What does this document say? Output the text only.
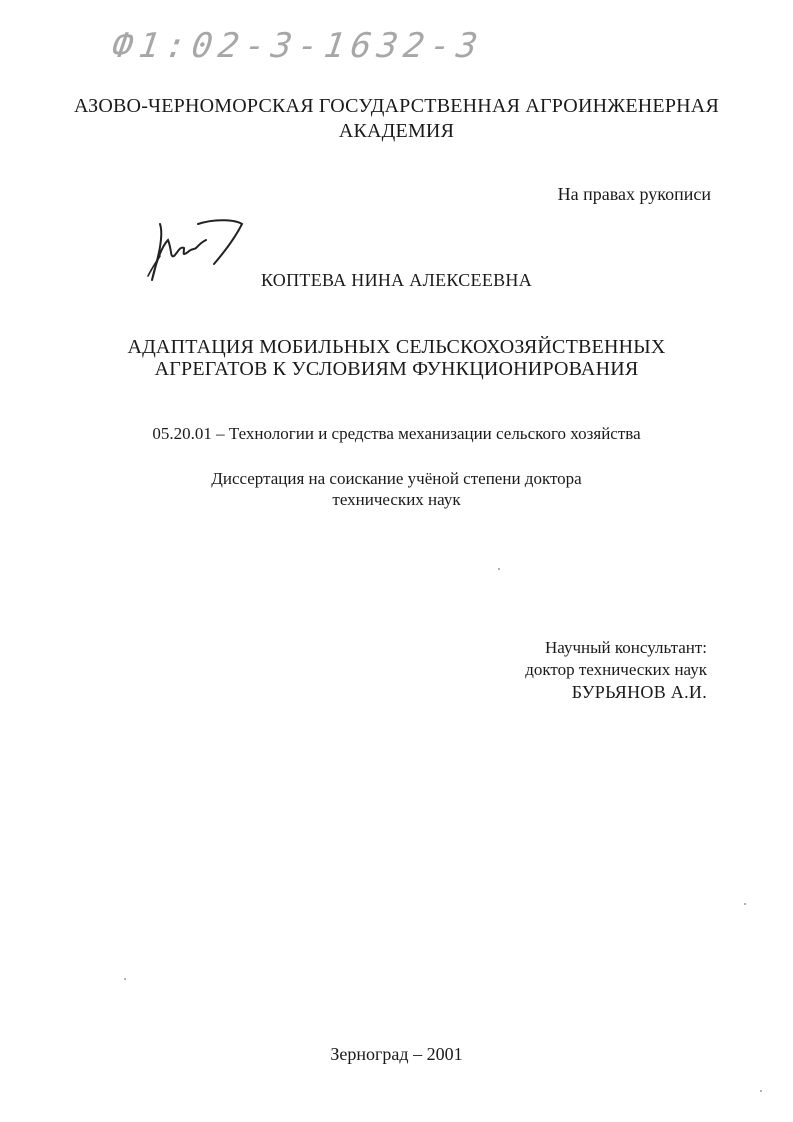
Ф1:02-3-1632-3
АЗОВО-ЧЕРНОМОРСКАЯ ГОСУДАРСТВЕННАЯ АГРОИНЖЕНЕРНАЯ
АКАДЕМИЯ
На правах рукописи
КОПТЕВА НИНА АЛЕКСЕЕВНА
АДАПТАЦИЯ МОБИЛЬНЫХ СЕЛЬСКОХОЗЯЙСТВЕННЫХ
АГРЕГАТОВ К УСЛОВИЯМ ФУНКЦИОНИРОВАНИЯ
05.20.01 – Технологии и средства механизации сельского хозяйства
Диссертация на соискание учёной степени доктора
технических наук
Научный консультант:
доктор технических наук
БУРЬЯНОВ А.И.
Зерноград – 2001
